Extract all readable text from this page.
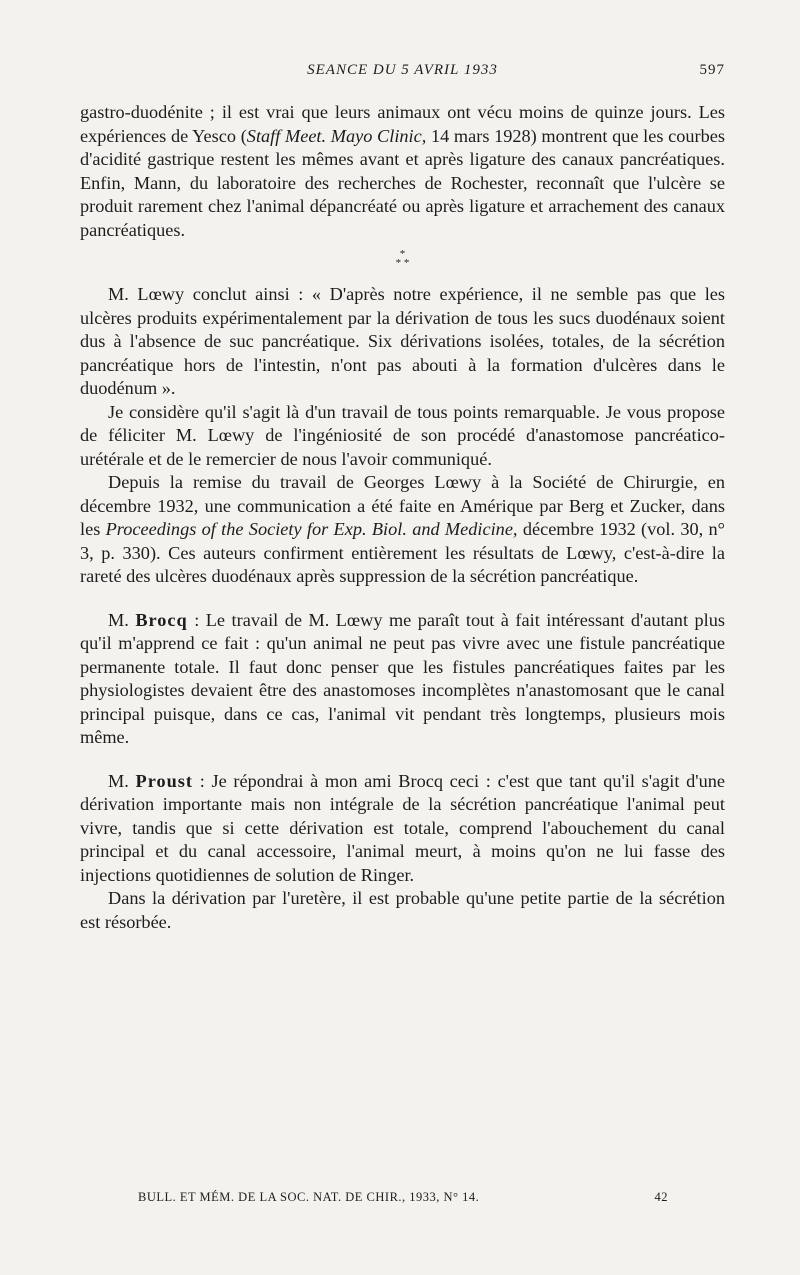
SEANCE DU 5 AVRIL 1933	597

gastro-duodénite ; il est vrai que leurs animaux ont vécu moins de quinze jours. Les expériences de Yesco (Staff Meet. Mayo Clinic, 14 mars 1928) montrent que les courbes d'acidité gastrique restent les mêmes avant et après ligature des canaux pancréatiques. Enfin, Mann, du laboratoire des recherches de Rochester, reconnaît que l'ulcère se produit rarement chez l'animal dépancréaté ou après ligature et arrachement des canaux pancréatiques.

*
* *

M. Lœwy conclut ainsi : « D'après notre expérience, il ne semble pas que les ulcères produits expérimentalement par la dérivation de tous les sucs duodénaux soient dus à l'absence de suc pancréatique. Six dérivations isolées, totales, de la sécrétion pancréatique hors de l'intestin, n'ont pas abouti à la formation d'ulcères dans le duodénum ».

Je considère qu'il s'agit là d'un travail de tous points remarquable. Je vous propose de féliciter M. Lœwy de l'ingéniosité de son procédé d'anastomose pancréatico-urétérale et de le remercier de nous l'avoir communiqué.

Depuis la remise du travail de Georges Lœwy à la Société de Chirurgie, en décembre 1932, une communication a été faite en Amérique par Berg et Zucker, dans les Proceedings of the Society for Exp. Biol. and Medicine, décembre 1932 (vol. 30, n° 3, p. 330). Ces auteurs confirment entièrement les résultats de Lœwy, c'est-à-dire la rareté des ulcères duodénaux après suppression de la sécrétion pancréatique.

M. Brocq : Le travail de M. Lœwy me paraît tout à fait intéressant d'autant plus qu'il m'apprend ce fait : qu'un animal ne peut pas vivre avec une fistule pancréatique permanente totale. Il faut donc penser que les fistules pancréatiques faites par les physiologistes devaient être des anastomoses incomplètes n'anastomosant que le canal principal puisque, dans ce cas, l'animal vit pendant très longtemps, plusieurs mois même.

M. Proust : Je répondrai à mon ami Brocq ceci : c'est que tant qu'il s'agit d'une dérivation importante mais non intégrale de la sécrétion pancréatique l'animal peut vivre, tandis que si cette dérivation est totale, comprend l'abouchement du canal principal et du canal accessoire, l'animal meurt, à moins qu'on ne lui fasse des injections quotidiennes de solution de Ringer.

Dans la dérivation par l'uretère, il est probable qu'une petite partie de la sécrétion est résorbée.

BULL. ET MÉM. DE LA SOC. NAT. DE CHIR., 1933, N° 14.	42
